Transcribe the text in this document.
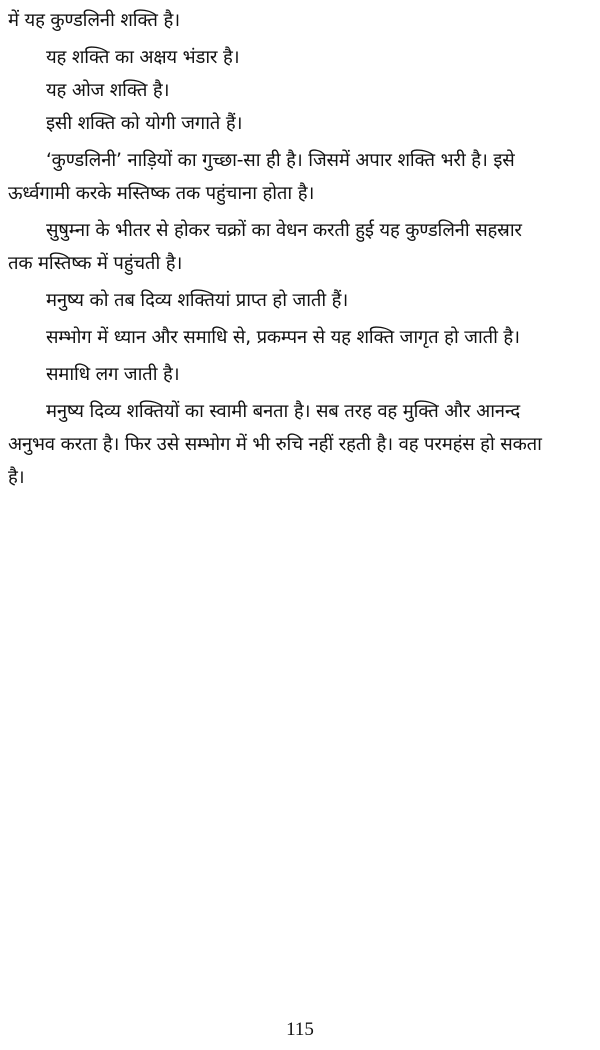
में यह कुण्डलिनी शक्ति है।

यह शक्ति का अक्षय भंडार है।

यह ओज शक्ति है।

इसी शक्ति को योगी जगाते हैं।

‘कुण्डलिनी’ नाड़ियों का गुच्छा-सा ही है। जिसमें अपार शक्ति भरी है। इसे

ऊर्ध्वगामी करके मस्तिष्क तक पहुंचाना होता है।

सुषुम्ना के भीतर से होकर चक्रों का वेधन करती हुई यह कुण्डलिनी सहस्रार

तक मस्तिष्क में पहुंचती है।

मनुष्य को तब दिव्य शक्तियां प्राप्त हो जाती हैं।

सम्भोग में ध्यान और समाधि से, प्रकम्पन से यह शक्ति जागृत हो जाती है।

समाधि लग जाती है।

मनुष्य दिव्य शक्तियों का स्वामी बनता है। सब तरह वह मुक्ति और आनन्द

अनुभव करता है। फिर उसे सम्भोग में भी रुचि नहीं रहती है। वह परमहंस हो सकता

है।

115
